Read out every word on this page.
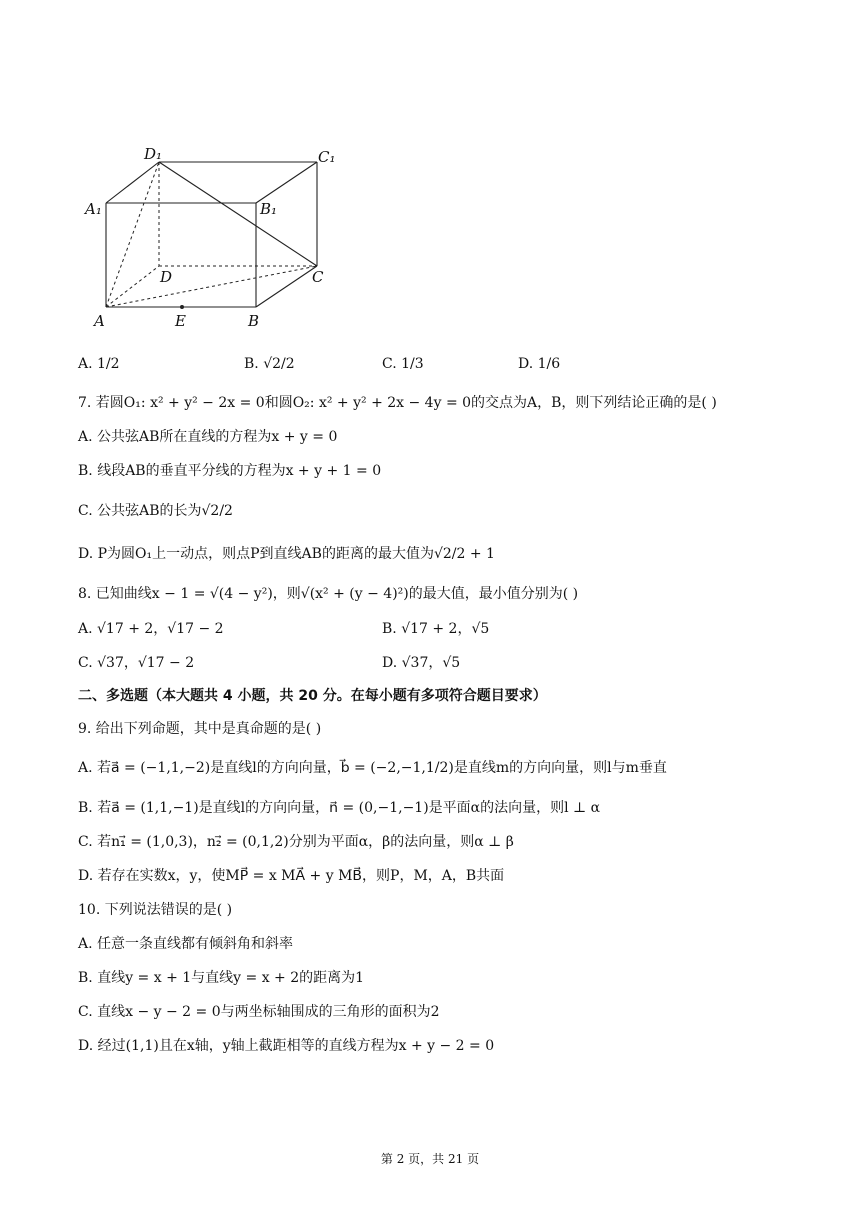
D₁	C₁
A₁	B₁
D	C
A	E	B
A. 1/2	B. √2/2	C. 1/3	D. 1/6
7. 若圆O₁: x² + y² − 2x = 0和圆O₂: x² + y² + 2x − 4y = 0的交点为A，B，则下列结论正确的是( )
A. 公共弦AB所在直线的方程为x + y = 0
B. 线段AB的垂直平分线的方程为x + y + 1 = 0
C. 公共弦AB的长为√2/2
D. P为圆O₁上一动点，则点P到直线AB的距离的最大值为√2/2 + 1
8. 已知曲线x − 1 = √(4 − y²)，则√(x² + (y − 4)²)的最大值，最小值分别为( )
A. √17 + 2，√17 − 2	B. √17 + 2，√5
C. √37，√17 − 2	D. √37，√5
二、多选题（本大题共 4 小题，共 20 分。在每小题有多项符合题目要求）
9. 给出下列命题，其中是真命题的是( )
A. 若a⃗ = (−1,1,−2)是直线l的方向向量，b⃗ = (−2,−1,1/2)是直线m的方向向量，则l与m垂直
B. 若a⃗ = (1,1,−1)是直线l的方向向量，n⃗ = (0,−1,−1)是平面α的法向量，则l ⊥ α
C. 若n₁⃗ = (1,0,3)，n₂⃗ = (0,1,2)分别为平面α，β的法向量，则α ⊥ β
D. 若存在实数x，y，使MP⃗ = x MA⃗ + y MB⃗，则P，M，A，B共面
10. 下列说法错误的是( )
A. 任意一条直线都有倾斜角和斜率
B. 直线y = x + 1与直线y = x + 2的距离为1
C. 直线x − y − 2 = 0与两坐标轴围成的三角形的面积为2
D. 经过(1,1)且在x轴，y轴上截距相等的直线方程为x + y − 2 = 0
第 2 页，共 21 页
